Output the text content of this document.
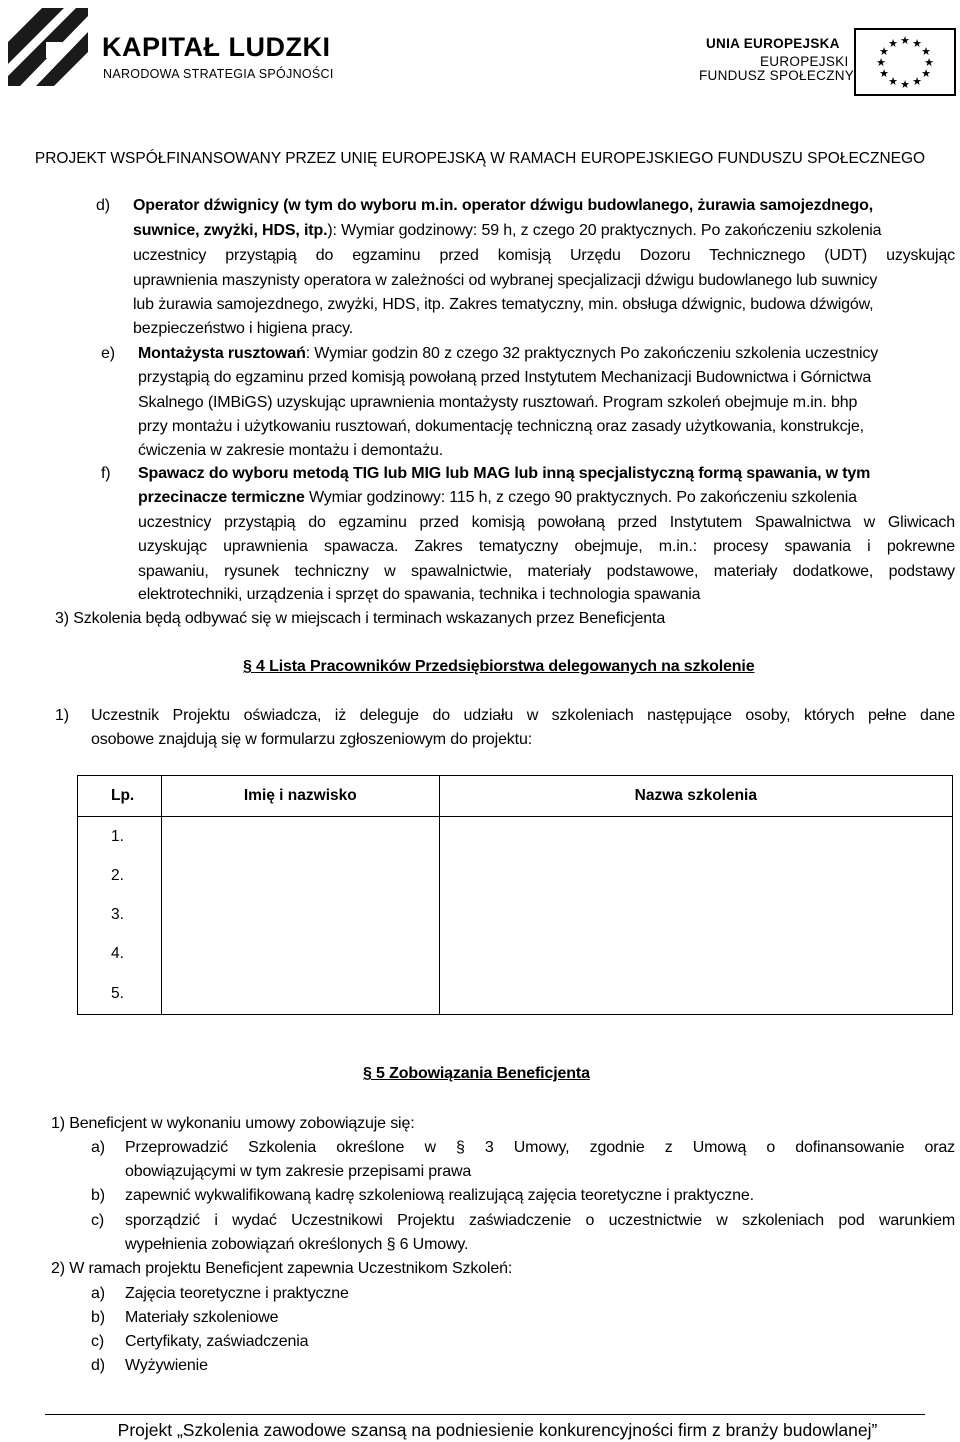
KAPITAŁ LUDZKI
NARODOWA STRATEGIA SPÓJNOŚCI
UNIA EUROPEJSKA
EUROPEJSKI
FUNDUSZ SPOŁECZNY
★ ★
★
★
★
★
★
★
★
★
★
★
PROJEKT WSPÓŁFINANSOWANY PRZEZ UNIĘ EUROPEJSKĄ W RAMACH EUROPEJSKIEGO FUNDUSZU SPOŁECZNEGO
d) Operator dźwignicy (w tym do wyboru m.in. operator dźwigu budowlanego, żurawia samojezdnego,
suwnice, zwyżki, HDS, itp.): Wymiar godzinowy: 59 h, z czego 20 praktycznych. Po zakończeniu szkolenia
uczestnicy przystąpią do egzaminu przed komisją Urzędu Dozoru Technicznego (UDT) uzyskując
uprawnienia maszynisty operatora w zależności od wybranej specjalizacji dźwigu budowlanego lub suwnicy
lub żurawia samojezdnego, zwyżki, HDS, itp. Zakres tematyczny, min. obsługa dźwignic, budowa dźwigów,
bezpieczeństwo i higiena pracy.
e) Montażysta rusztowań: Wymiar godzin 80 z czego 32 praktycznych Po zakończeniu szkolenia uczestnicy
przystąpią do egzaminu przed komisją powołaną przed Instytutem Mechanizacji Budownictwa i Górnictwa
Skalnego (IMBiGS) uzyskując uprawnienia montażysty rusztowań. Program szkoleń obejmuje m.in. bhp
przy montażu i użytkowaniu rusztowań, dokumentację techniczną oraz zasady użytkowania, konstrukcje,
ćwiczenia w zakresie montażu i demontażu.
f) Spawacz do wyboru metodą TIG lub MIG lub MAG lub inną specjalistyczną formą spawania, w tym
przecinacze termiczne Wymiar godzinowy: 115 h, z czego 90 praktycznych. Po zakończeniu szkolenia
uczestnicy przystąpią do egzaminu przed komisją powołaną przed Instytutem Spawalnictwa w Gliwicach
uzyskując uprawnienia spawacza. Zakres tematyczny obejmuje, m.in.: procesy spawania i pokrewne
spawaniu, rysunek techniczny w spawalnictwie, materiały podstawowe, materiały dodatkowe, podstawy
elektrotechniki, urządzenia i sprzęt do spawania, technika i technologia spawania
3) Szkolenia będą odbywać się w miejscach i terminach wskazanych przez Beneficjenta
§ 4 Lista Pracowników Przedsiębiorstwa delegowanych na szkolenie
1) Uczestnik Projektu oświadcza, iż deleguje do udziału w szkoleniach następujące osoby, których pełne dane
osobowe znajdują się w formularzu zgłoszeniowym do projektu:
Lp.	Imię i nazwisko	Nazwa szkolenia
1.		
2.		
3.		
4.		
5.		
§ 5 Zobowiązania Beneficjenta
1) Beneficjent w wykonaniu umowy zobowiązuje się:
a) Przeprowadzić Szkolenia określone w § 3 Umowy, zgodnie z Umową o dofinansowanie oraz
obowiązującymi w tym zakresie przepisami prawa
b) zapewnić wykwalifikowaną kadrę szkoleniową realizującą zajęcia teoretyczne i praktyczne.
c) sporządzić i wydać Uczestnikowi Projektu zaświadczenie o uczestnictwie w szkoleniach pod warunkiem
wypełnienia zobowiązań określonych § 6 Umowy.
2) W ramach projektu Beneficjent zapewnia Uczestnikom Szkoleń:
a) Zajęcia teoretyczne i praktyczne
b) Materiały szkoleniowe
c) Certyfikaty, zaświadczenia
d) Wyżywienie
Projekt „Szkolenia zawodowe szansą na podniesienie konkurencyjności firm z branży budowlanej”
